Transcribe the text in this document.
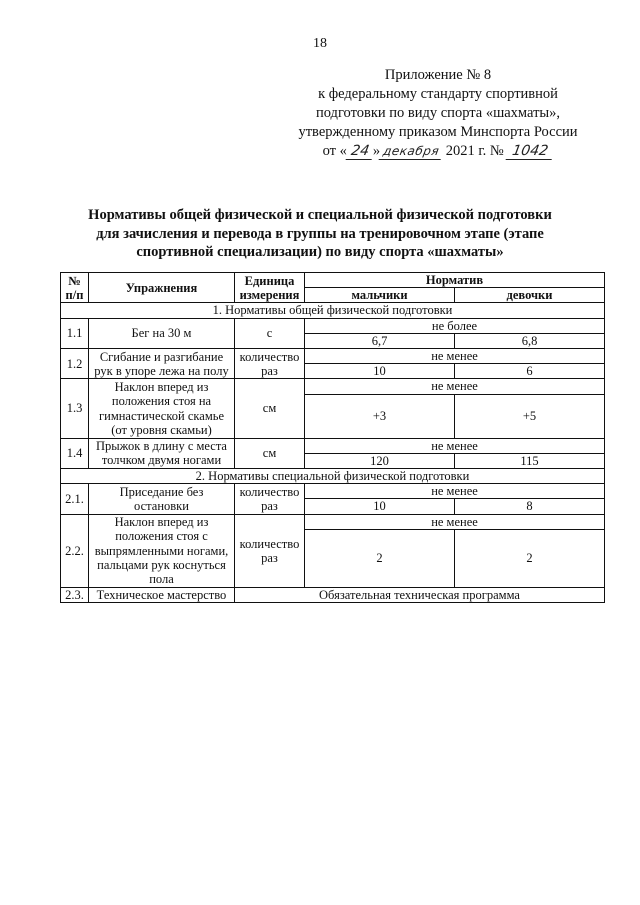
18
Приложение № 8
к федеральному стандарту спортивной
подготовки по виду спорта «шахматы»,
утвержденному приказом Минспорта России
от « 24 » декабря 2021 г. № 1042
Нормативы общей физической и специальной физической подготовки
для зачисления и перевода в группы на тренировочном этапе (этапе
спортивной специализации) по виду спорта «шахматы»
№ п/п	Упражнения	Единица измерения	Норматив	
			мальчики	девочки
1. Нормативы общей физической подготовки				
1.1	Бег на 30 м	с	не более	
			6,7	6,8
1.2	Сгибание и разгибание рук в упоре лежа на полу	количество раз	не менее	
			10	6
1.3	Наклон вперед из положения стоя на гимнастической скамье (от уровня скамьи)	см	не менее	
			+3	+5
1.4	Прыжок в длину с места толчком двумя ногами	см	не менее	
			120	115
2. Нормативы специальной физической подготовки				
2.1.	Приседание без остановки	количество раз	не менее	
			10	8
2.2.	Наклон вперед из положения стоя с выпрямленными ногами, пальцами рук коснуться пола	количество раз	не менее	
			2	2
2.3.	Техническое мастерство	Обязательная техническая программа		
